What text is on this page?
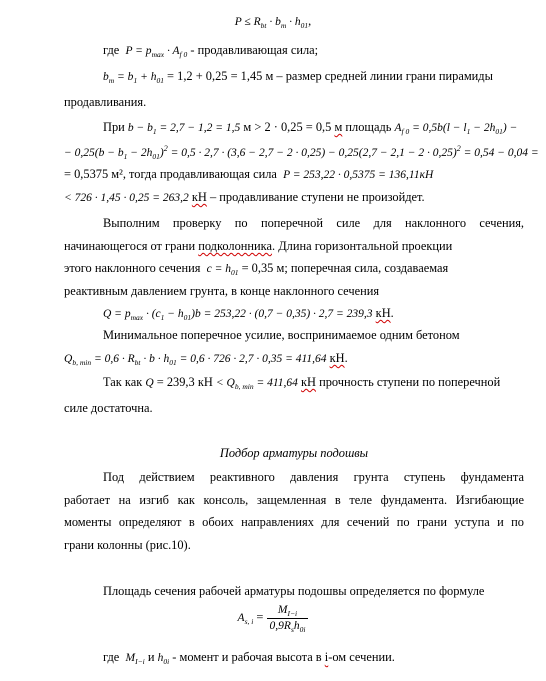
$P \le R_{bt} \cdot b_m \cdot h_{01}$,
где $P = p_{max} \cdot A_{f 0}$ - продавливающая сила;
$b_m = b_1 + h_{01} = 1,2 + 0,25 = 1,45$ м – размер средней линии грани пирамиды
продавливания.
При $b - b_1 = 2,7 - 1,2 = 1,5$ м > 2 · 0,25 = 0,5 м площадь $A_{f 0} = 0,5b(l - l_1 - 2h_{01})$ −
− $0,25(b - b_1 - 2h_{01})^2 = 0,5 \cdot 2,7 \cdot (3,6 - 2,7 - 2 \cdot 0,25) - 0,25(2,7 - 2,1 - 2 \cdot 0,25)^2 = 0,54 - 0,04$ =
= 0,5375 м², тогда продавливающая сила P = 253,22 · 0,5375 = 136,11кН
< 726 · 1,45 · 0,25 = 263,2 кН – продавливание ступени не произойдет.
Выполним проверку по поперечной силе для наклонного сечения,
начинающегося от грани подколонника. Длина горизонтальной проекции
этого наклонного сечения $c = h_{01} = 0,35$ м; поперечная сила, создаваемая
реактивным давлением грунта, в конце наклонного сечения
$Q = p_{max} \cdot (c_1 - h_{01})b = 253,22 \cdot (0,7 - 0,35) \cdot 2,7 = 239,3$ кН.
Минимальное поперечное усилие, воспринимаемое одним бетоном
$Q_{b, min} = 0,6 \cdot R_{bt} \cdot b \cdot h_{01} = 0,6 \cdot 726 \cdot 2,7 \cdot 0,35 = 411,64$ кН.
Так как Q = 239,3 кН < $Q_{b, min} = 411,64$ кН прочность ступени по поперечной
силе достаточна.
Подбор арматуры подошвы
Под действием реактивного давления грунта ступень фундамента
работает на изгиб как консоль, защемленная в теле фундамента. Изгибающие
моменты определяют в обоих направлениях для сечений по грани уступа и по
грани колонны (рис.10).
Площадь сечения рабочей арматуры подошвы определяется по формуле
$A_{s, i} = \frac{M_{I-i}}{0,9R_sh_{0i}}$
где $M_{I-i}$ и $h_{0i}$ - момент и рабочая высота в i-ом сечении.
